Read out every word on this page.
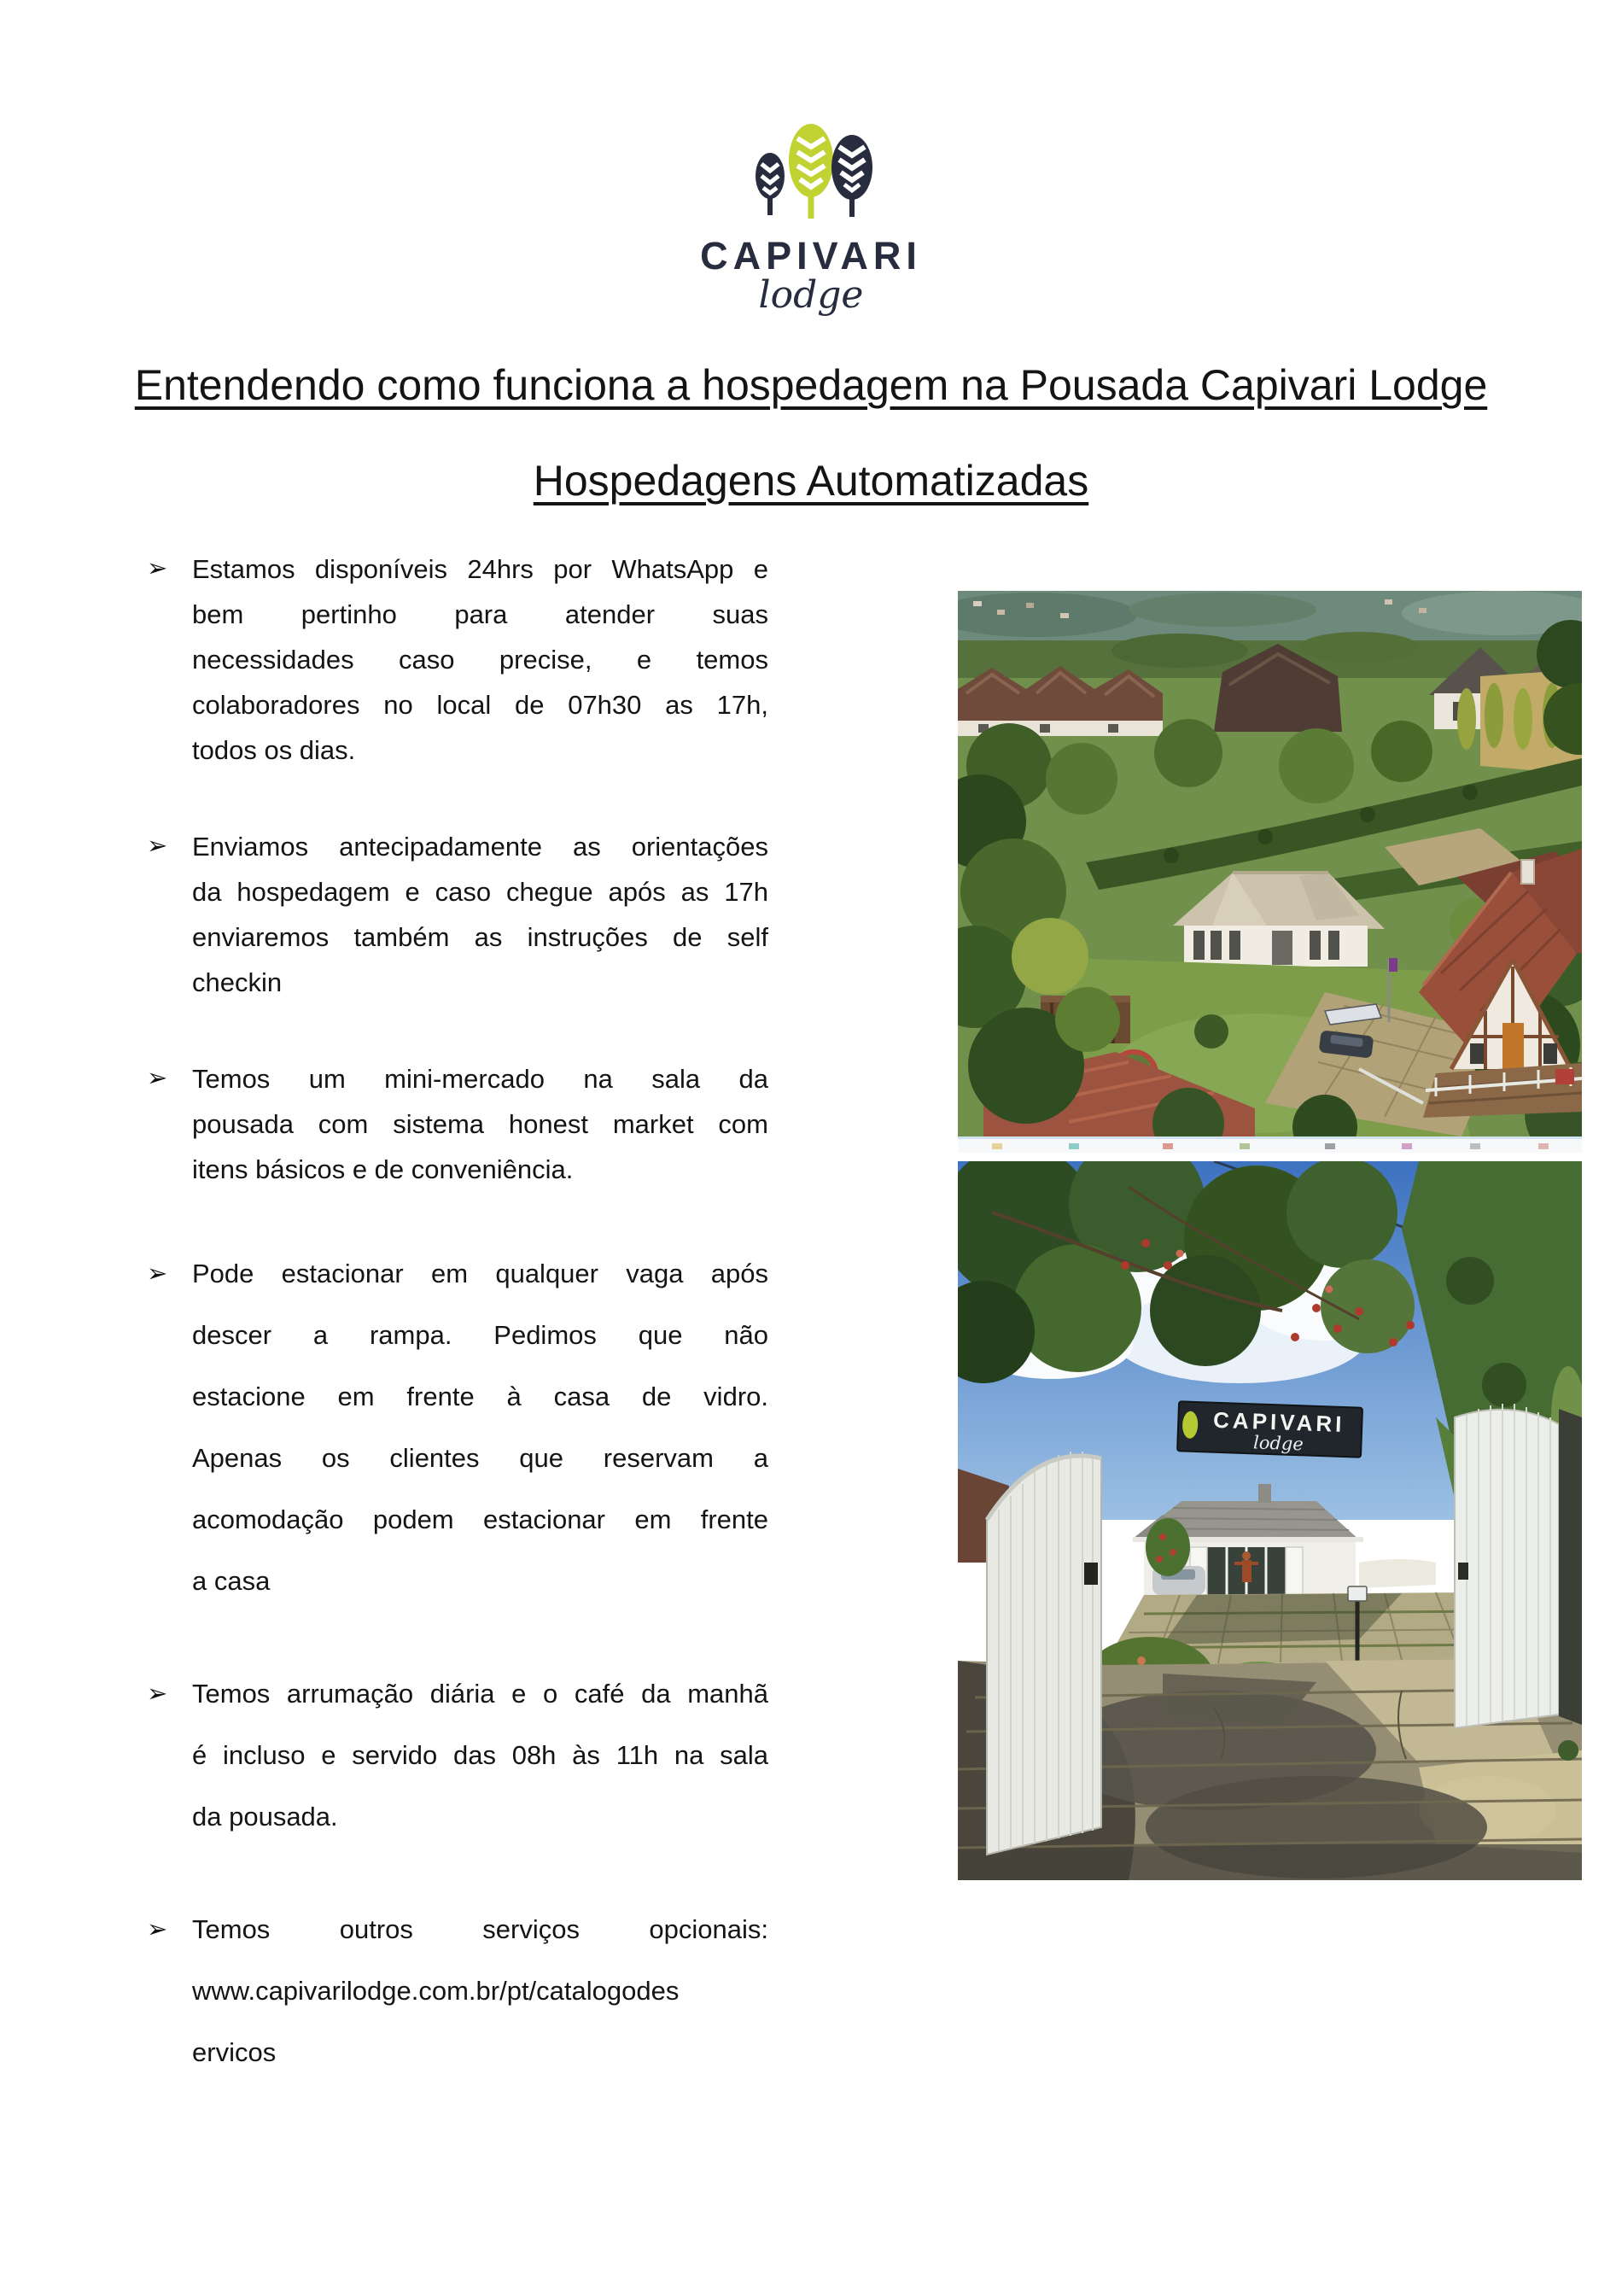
CAPIVARI
lodge
Entendendo como funciona a hospedagem na Pousada Capivari Lodge
Hospedagens Automatizadas
➢ Estamos disponíveis 24hrs por WhatsApp e
bem pertinho para atender suas
necessidades caso precise, e temos
colaboradores no local de 07h30 as 17h,
todos os dias.
➢ Enviamos antecipadamente as orientações
da hospedagem e caso chegue após as 17h
enviaremos também as instruções de self
checkin
➢ Temos um mini-mercado na sala da
pousada com sistema honest market com
itens básicos e de conveniência.
➢ Pode estacionar em qualquer vaga após
descer a rampa. Pedimos que não
estacione em frente à casa de vidro.
Apenas os clientes que reservam a
acomodação podem estacionar em frente
a casa
➢ Temos arrumação diária e o café da manhã
é incluso e servido das 08h às 11h na sala
da pousada.
➢ Temos outros serviços opcionais:
www.capivarilodge.com.br/pt/catalogodes
ervicos
CAPIVARI
lodge
